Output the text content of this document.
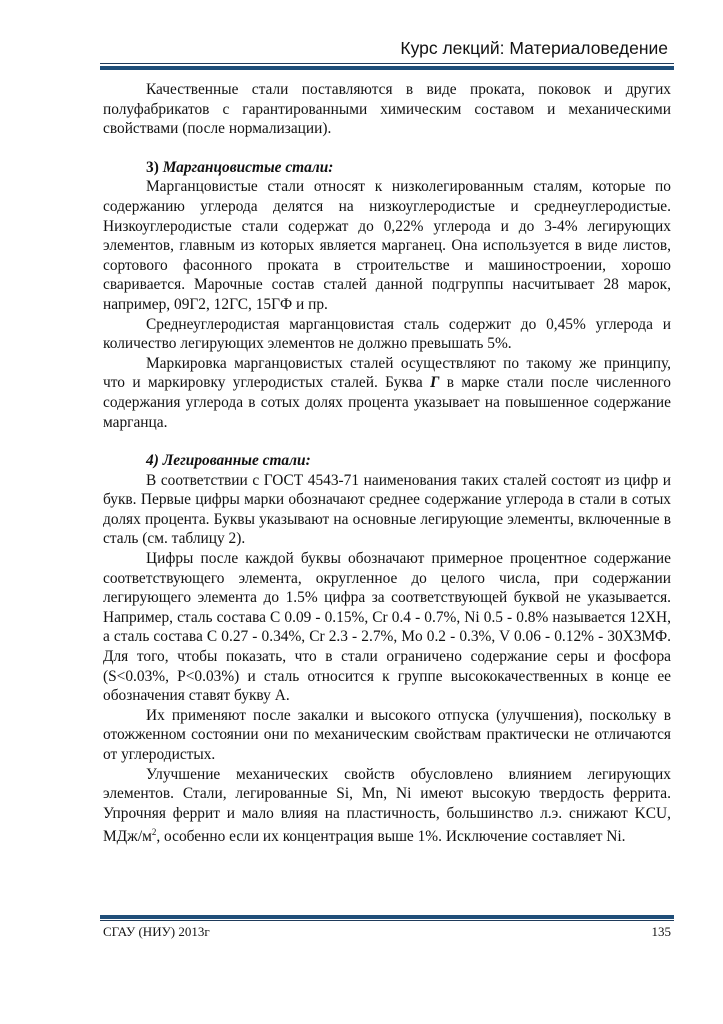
Курс лекций: Материаловедение

Качественные стали поставляются в виде проката, поковок и других полуфабрикатов с гарантированными химическим составом и механическими свойствами (после нормализации).

3) Марганцовистые стали:

Марганцовистые стали относят к низколегированным сталям, которые по содержанию углерода делятся на низкоуглеродистые и среднеуглеродистые. Низкоуглеродистые стали содержат до 0,22% углерода и до 3-4% легирующих элементов, главным из которых является марганец. Она используется в виде листов, сортового фасонного проката в строительстве и машиностроении, хорошо сваривается. Марочные состав сталей данной подгруппы насчитывает 28 марок, например, 09Г2, 12ГС, 15ГФ и пр.

Среднеуглеродистая марганцовистая сталь содержит до 0,45% углерода и количество легирующих элементов не должно превышать 5%.

Маркировка марганцовистых сталей осуществляют по такому же принципу, что и маркировку углеродистых сталей. Буква Г в марке стали после численного содержания углерода в сотых долях процента указывает на повышенное содержание марганца.

4) Легированные стали:

В соответствии с ГОСТ 4543-71 наименования таких сталей состоят из цифр и букв. Первые цифры марки обозначают среднее содержание углерода в стали в сотых долях процента. Буквы указывают на основные легирующие элементы, включенные в сталь (см. таблицу 2).

Цифры после каждой буквы обозначают примерное процентное содержание соответствующего элемента, округленное до целого числа, при содержании легирующего элемента до 1.5% цифра за соответствующей буквой не указывается. Например, сталь состава C 0.09 - 0.15%, Cr 0.4 - 0.7%, Ni 0.5 - 0.8% называется 12ХН, а сталь состава C 0.27 - 0.34%, Cr 2.3 - 2.7%, Mo 0.2 - 0.3%, V 0.06 - 0.12% - 30Х3МФ. Для того, чтобы показать, что в стали ограничено содержание серы и фосфора (S<0.03%, P<0.03%) и сталь относится к группе высококачественных в конце ее обозначения ставят букву А.

Их применяют после закалки и высокого отпуска (улучшения), поскольку в отожженном состоянии они по механическим свойствам практически не отличаются от углеродистых.

Улучшение механических свойств обусловлено влиянием легирующих элементов. Стали, легированные Si, Mn, Ni имеют высокую твердость феррита. Упрочняя феррит и мало влияя на пластичность, большинство л.э. снижают KCU, МДж/$м^2$, особенно если их концентрация выше 1%. Исключение составляет Ni.

СГАУ (НИУ) 2013г	135
